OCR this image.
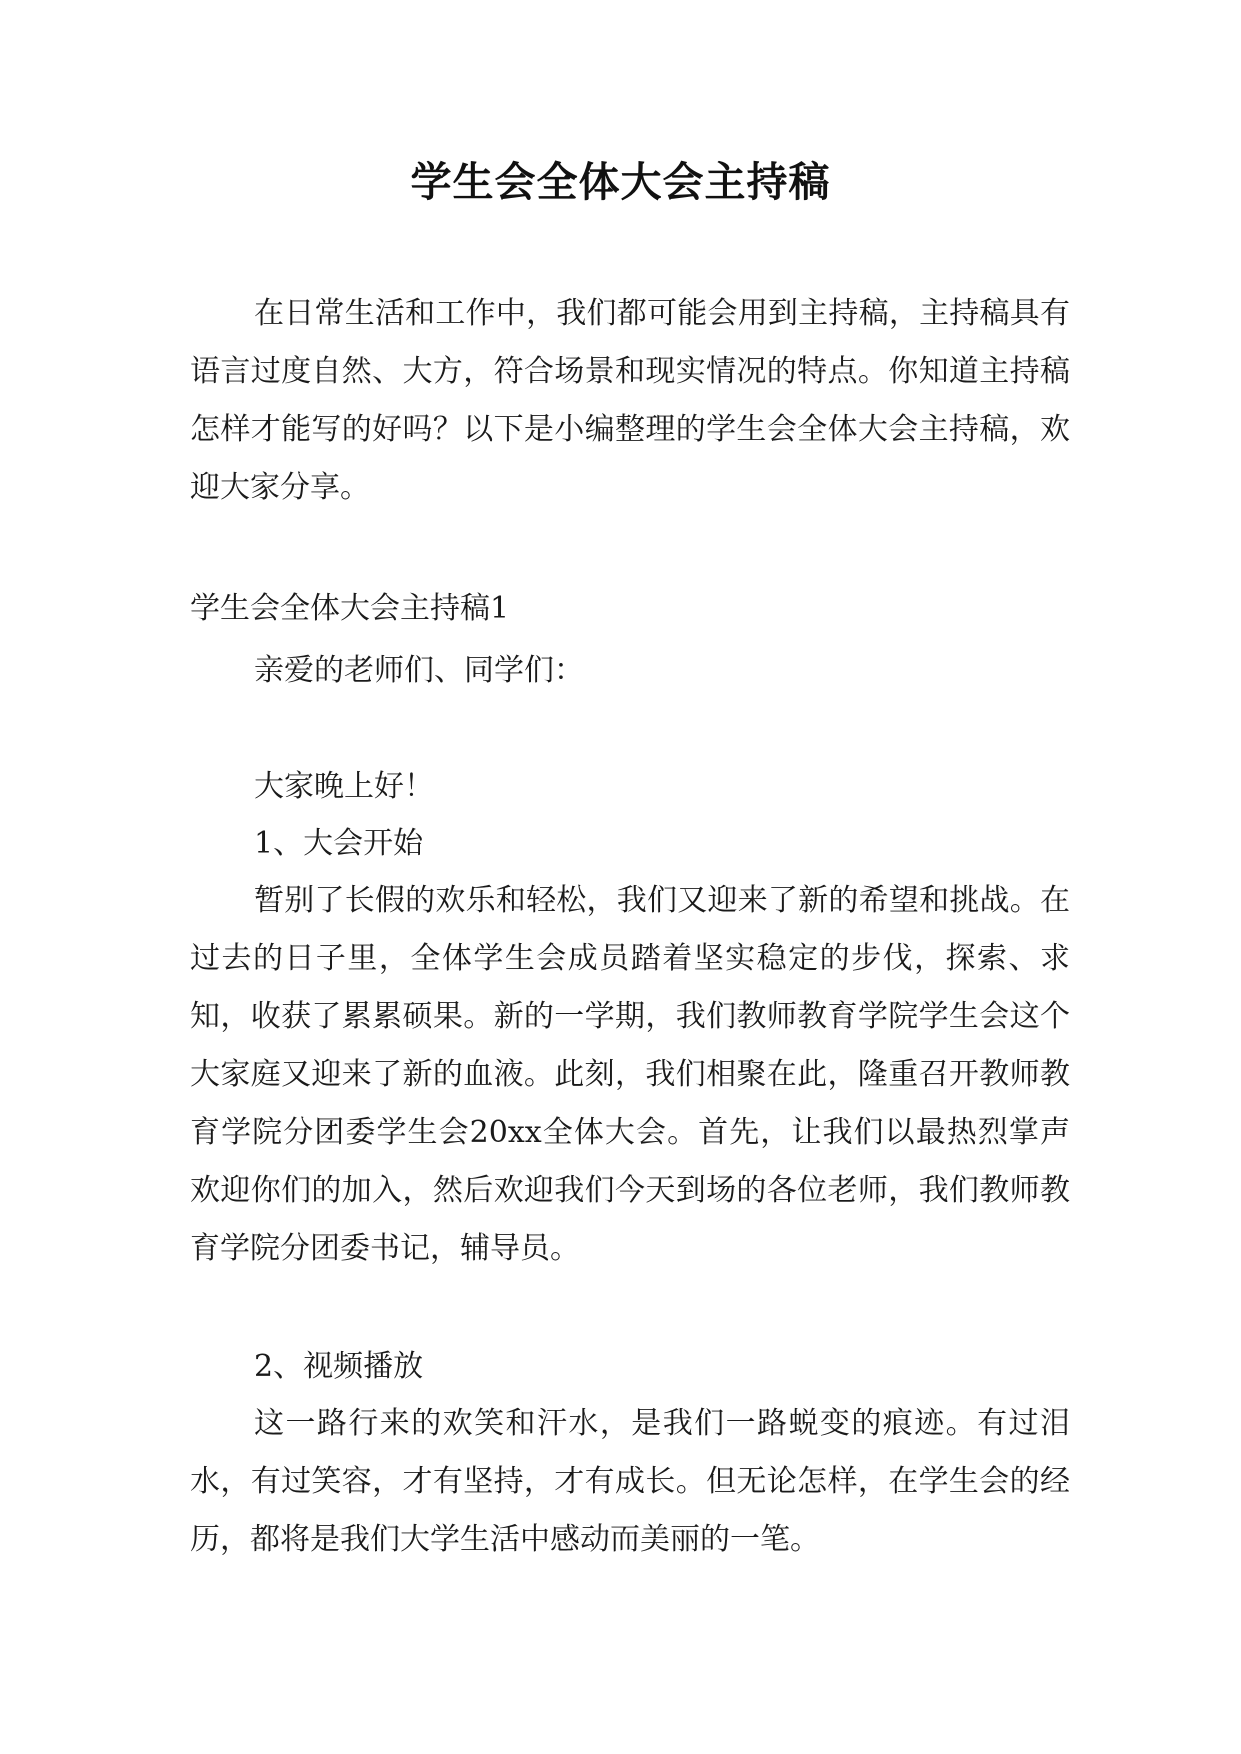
学生会全体大会主持稿

在日常生活和工作中，我们都可能会用到主持稿，主持稿具有语言过度自然、大方，符合场景和现实情况的特点。你知道主持稿怎样才能写的好吗？以下是小编整理的学生会全体大会主持稿，欢迎大家分享。

学生会全体大会主持稿1

亲爱的老师们、同学们：

大家晚上好！

1、大会开始

暂别了长假的欢乐和轻松，我们又迎来了新的希望和挑战。在过去的日子里，全体学生会成员踏着坚实稳定的步伐，探索、求知，收获了累累硕果。新的一学期，我们教师教育学院学生会这个大家庭又迎来了新的血液。此刻，我们相聚在此，隆重召开教师教育学院分团委学生会20xx全体大会。首先，让我们以最热烈掌声欢迎你们的加入，然后欢迎我们今天到场的各位老师，我们教师教育学院分团委书记，辅导员。

2、视频播放

这一路行来的欢笑和汗水，是我们一路蜕变的痕迹。有过泪水，有过笑容，才有坚持，才有成长。但无论怎样，在学生会的经历，都将是我们大学生活中感动而美丽的一笔。
